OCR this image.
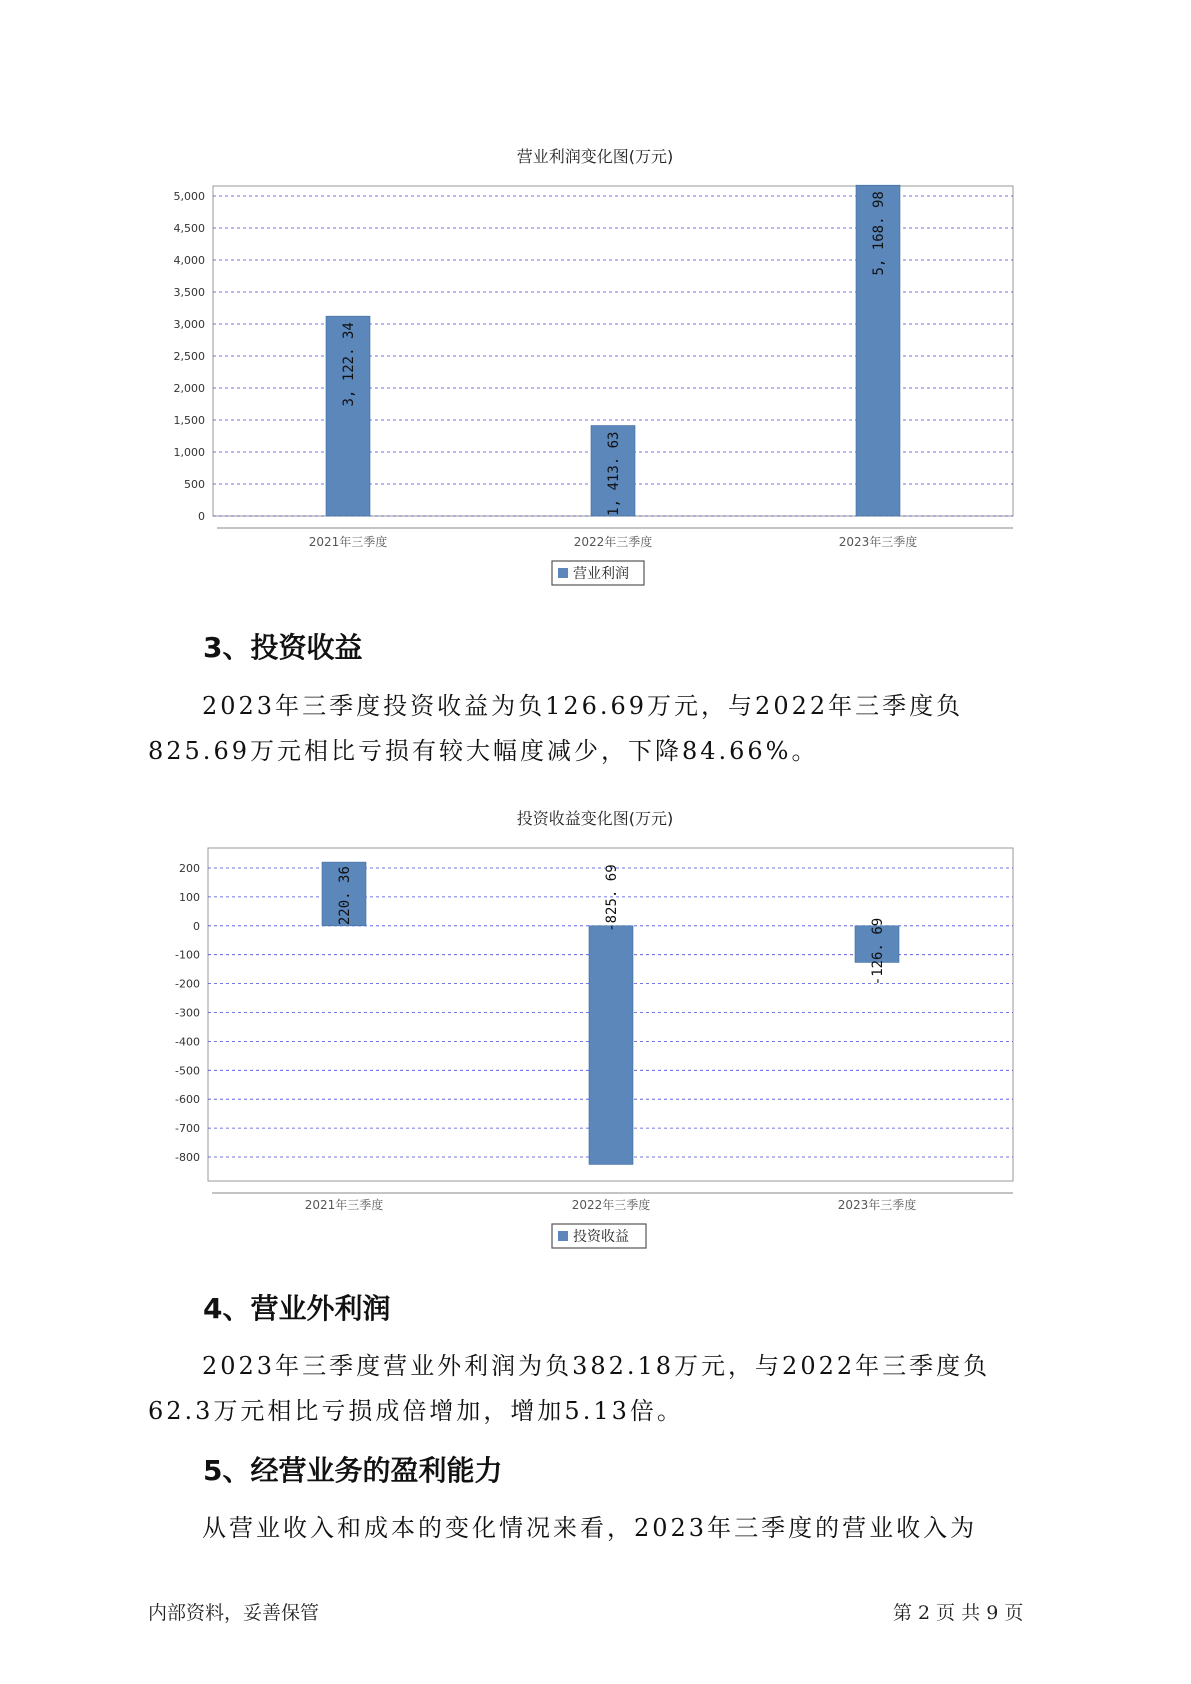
营业利润变化图(万元)
5,000
4,500
4,000
3,500
3,000
2,500
2,000
1,500
1,000
500
0
3, 122. 34
1, 413. 63
5, 168. 98
2021年三季度	2022年三季度	2023年三季度
营业利润
3、投资收益

2023年三季度投资收益为负126.69万元，与2022年三季度负825.69万元相比亏损有较大幅度减少，下降84.66%。

投资收益变化图(万元)
200
100
0
-100
-200
-300
-400
-500
-600
-700
-800
220. 36	-825. 69
-126. 69
2021年三季度	2022年三季度	2023年三季度
投资收益
4、营业外利润

2023年三季度营业外利润为负382.18万元，与2022年三季度负62.3万元相比亏损成倍增加，增加5.13倍。

5、经营业务的盈利能力

从营业收入和成本的变化情况来看，2023年三季度的营业收入为

内部资料，妥善保管	第 2 页 共 9 页
